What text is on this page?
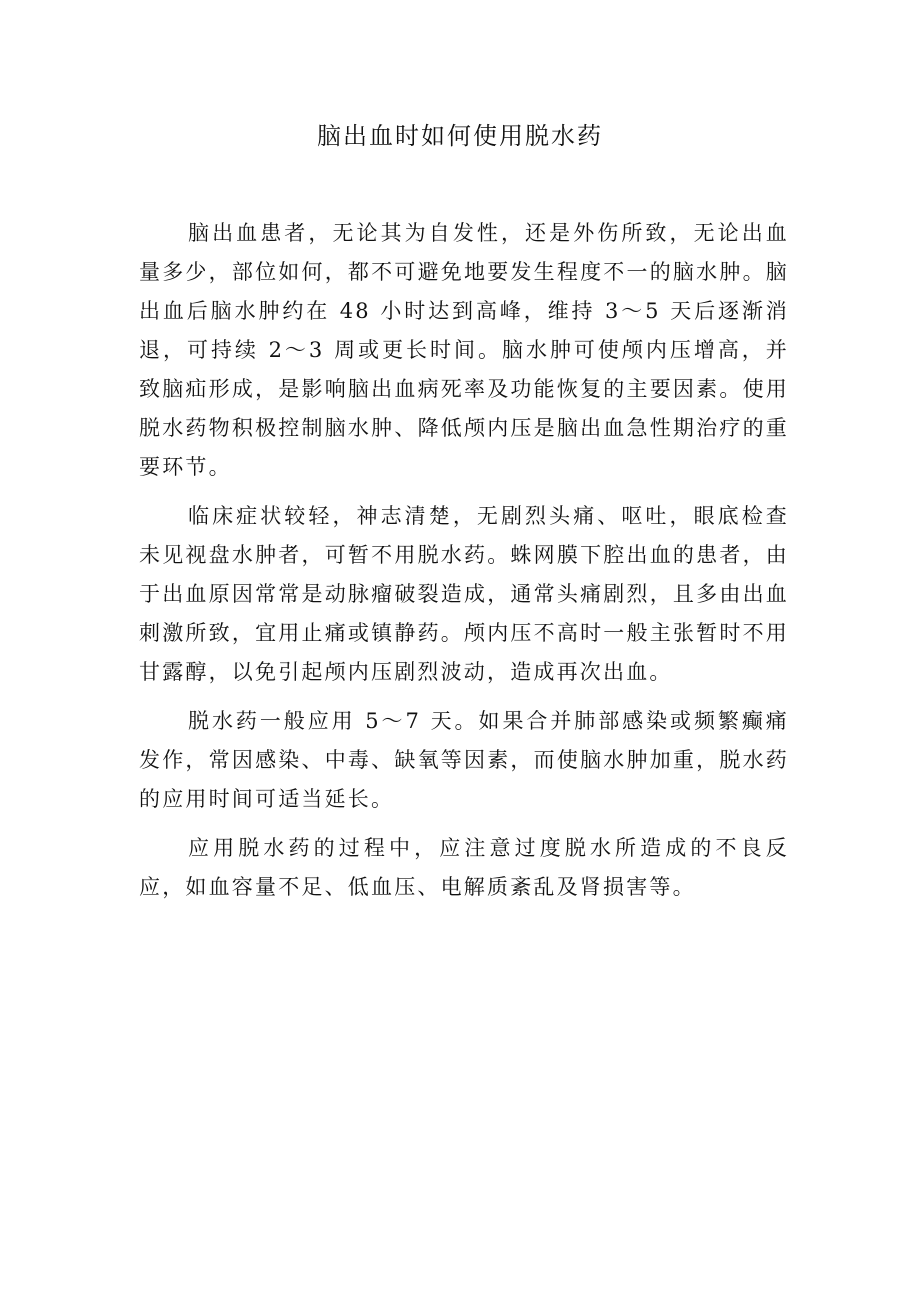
脑出血时如何使用脱水药

脑出血患者，无论其为自发性，还是外伤所致，无论出血量多少，部位如何，都不可避免地要发生程度不一的脑水肿。脑出血后脑水肿约在 48 小时达到高峰，维持 3～5 天后逐渐消退，可持续 2～3 周或更长时间。脑水肿可使颅内压增高，并致脑疝形成，是影响脑出血病死率及功能恢复的主要因素。使用脱水药物积极控制脑水肿、降低颅内压是脑出血急性期治疗的重要环节。

临床症状较轻，神志清楚，无剧烈头痛、呕吐，眼底检查未见视盘水肿者，可暂不用脱水药。蛛网膜下腔出血的患者，由于出血原因常常是动脉瘤破裂造成，通常头痛剧烈，且多由出血刺激所致，宜用止痛或镇静药。颅内压不高时一般主张暂时不用甘露醇，以免引起颅内压剧烈波动，造成再次出血。

脱水药一般应用 5～7 天。如果合并肺部感染或频繁癫痛发作，常因感染、中毒、缺氧等因素，而使脑水肿加重，脱水药的应用时间可适当延长。

应用脱水药的过程中，应注意过度脱水所造成的不良反应，如血容量不足、低血压、电解质紊乱及肾损害等。
